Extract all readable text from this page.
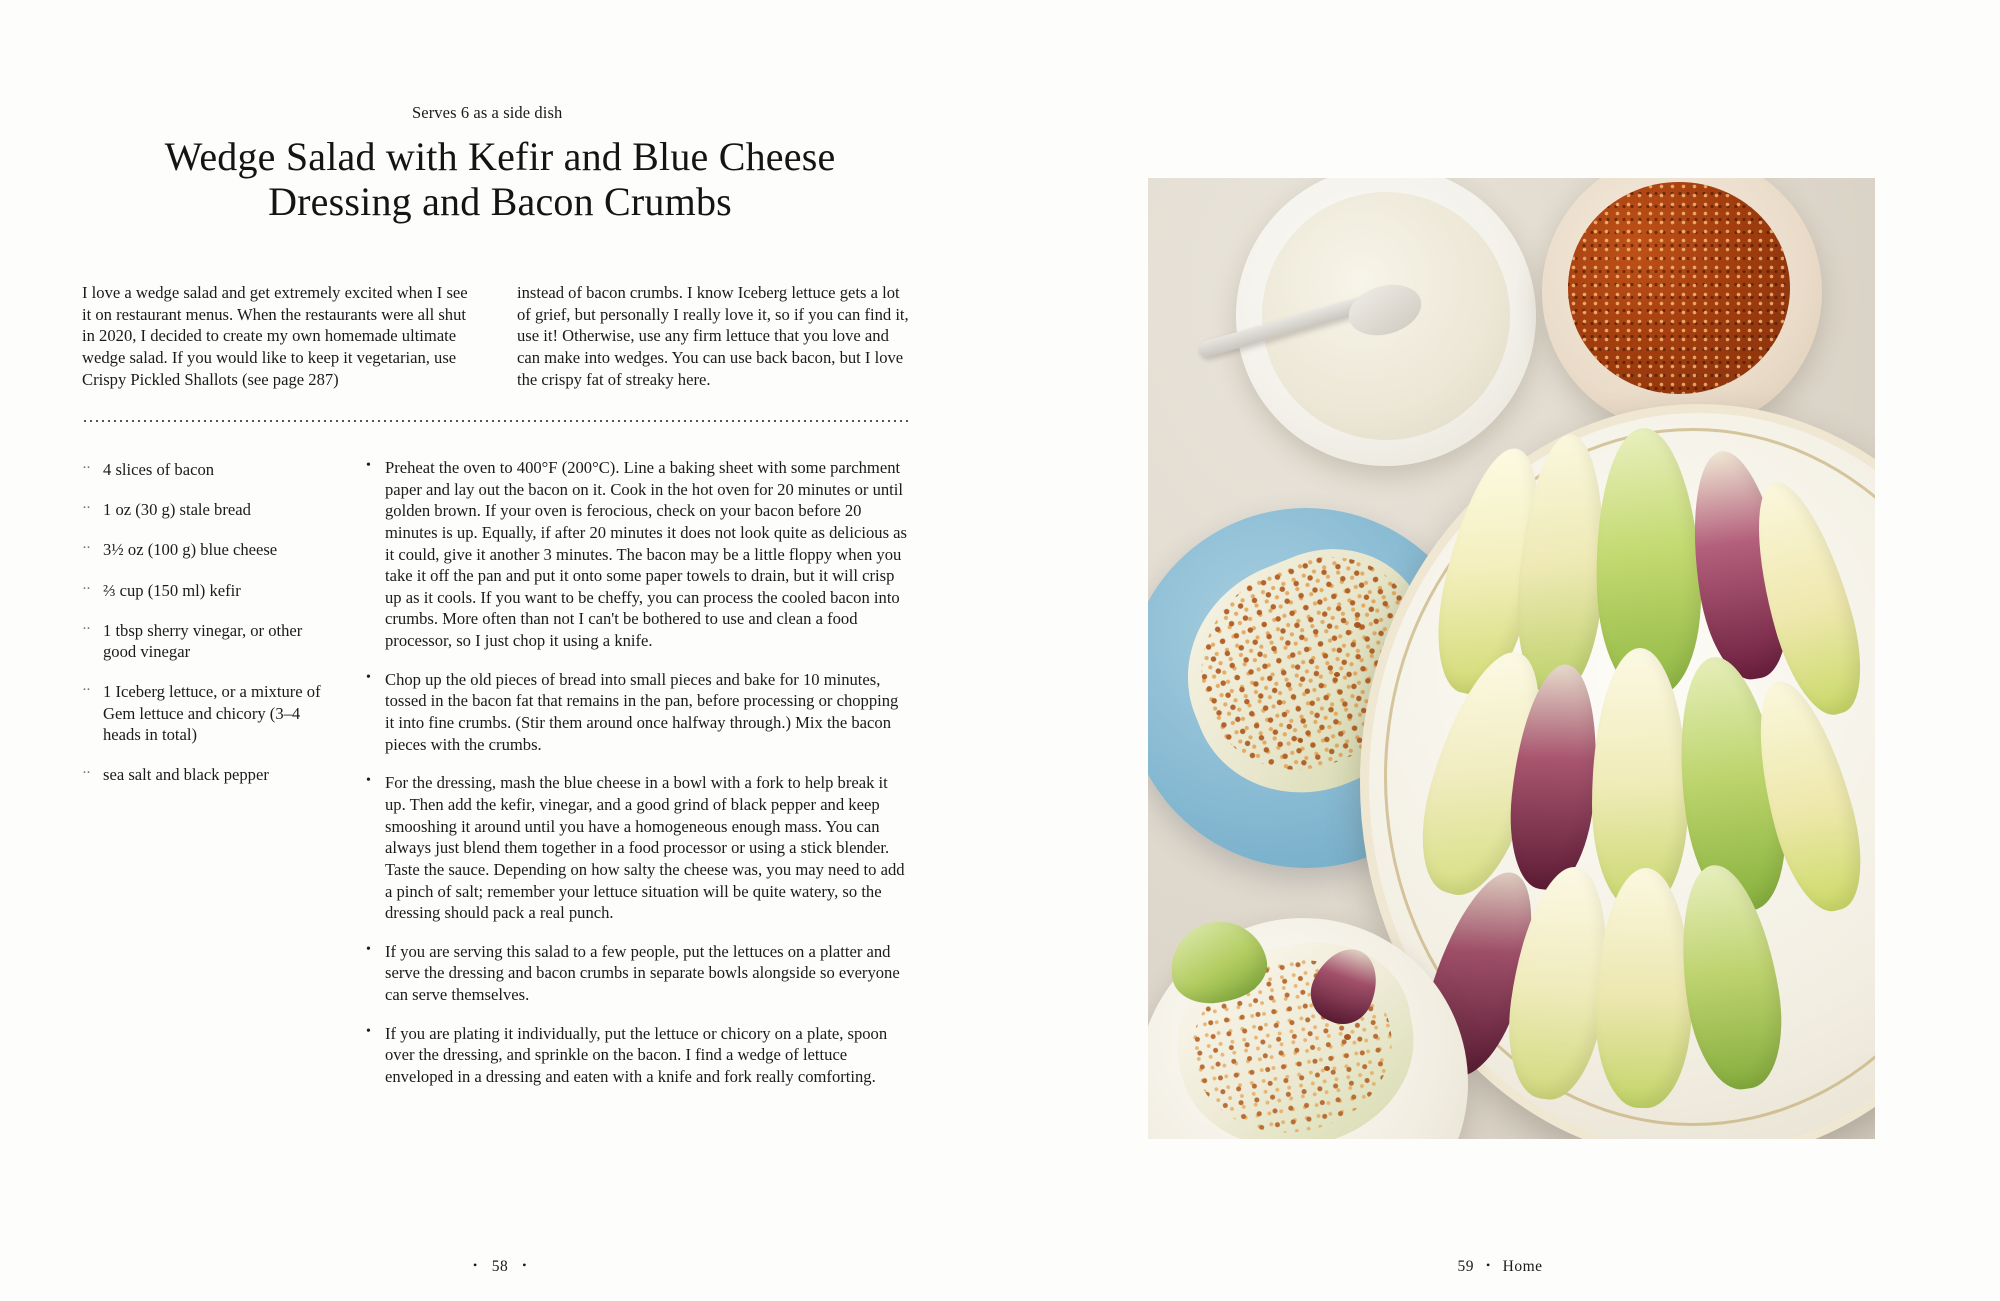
Serves 6 as a side dish
Wedge Salad with Kefir and Blue Cheese
Dressing and Bacon Crumbs
I love a wedge salad and get extremely excited when I see it on restaurant menus. When the restaurants were all shut in 2020, I decided to create my own homemade ultimate wedge salad. If you would like to keep it vegetarian, use Crispy Pickled Shallots (see page 287)
instead of bacon crumbs. I know Iceberg lettuce gets a lot of grief, but personally I really love it, so if you can find it, use it! Otherwise, use any firm lettuce that you love and can make into wedges. You can use back bacon, but I love the crispy fat of streaky here.
·· 4 slices of bacon
·· 1 oz (30 g) stale bread
·· 3½ oz (100 g) blue cheese
·· ⅔ cup (150 ml) kefir
·· 1 tbsp sherry vinegar, or other good vinegar
·· 1 Iceberg lettuce, or a mixture of Gem lettuce and chicory (3–4 heads in total)
·· sea salt and black pepper
• Preheat the oven to 400°F (200°C). Line a baking sheet with some parchment paper and lay out the bacon on it. Cook in the hot oven for 20 minutes or until golden brown. If your oven is ferocious, check on your bacon before 20 minutes is up. Equally, if after 20 minutes it does not look quite as delicious as it could, give it another 3 minutes. The bacon may be a little floppy when you take it off the pan and put it onto some paper towels to drain, but it will crisp up as it cools. If you want to be cheffy, you can process the cooled bacon into crumbs. More often than not I can't be bothered to use and clean a food processor, so I just chop it using a knife.
• Chop up the old pieces of bread into small pieces and bake for 10 minutes, tossed in the bacon fat that remains in the pan, before processing or chopping it into fine crumbs. (Stir them around once halfway through.) Mix the bacon pieces with the crumbs.
• For the dressing, mash the blue cheese in a bowl with a fork to help break it up. Then add the kefir, vinegar, and a good grind of black pepper and keep smooshing it around until you have a homogeneous enough mass. You can always just blend them together in a food processor or using a stick blender. Taste the sauce. Depending on how salty the cheese was, you may need to add a pinch of salt; remember your lettuce situation will be quite watery, so the dressing should pack a real punch.
• If you are serving this salad to a few people, put the lettuces on a platter and serve the dressing and bacon crumbs in separate bowls alongside so everyone can serve themselves.
• If you are plating it individually, put the lettuce or chicory on a plate, spoon over the dressing, and sprinkle on the bacon. I find a wedge of lettuce enveloped in a dressing and eaten with a knife and fork really comforting.
• 58 •	59 • Home
